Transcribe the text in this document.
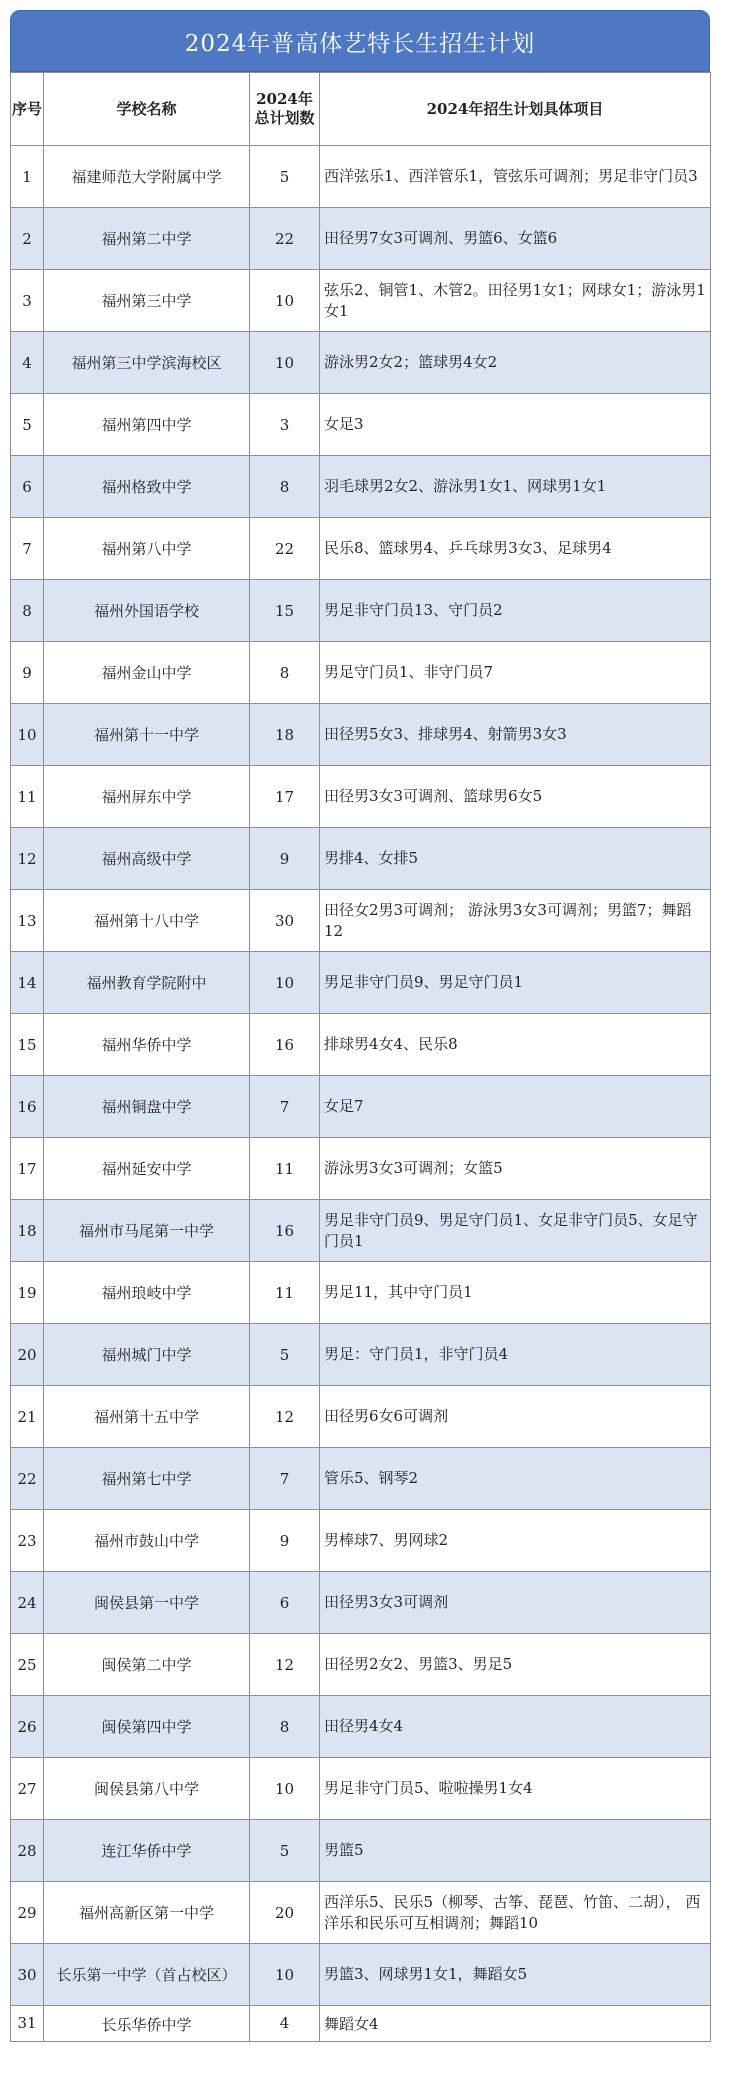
2024年普高体艺特长生招生计划
序号	学校名称	2024年总计划数	2024年招生计划具体项目
1	福建师范大学附属中学	5	西洋弦乐1、西洋管乐1，管弦乐可调剂；男足非守门员3
2	福州第二中学	22	田径男7女3可调剂、男篮6、女篮6
3	福州第三中学	10	弦乐2、铜管1、木管2。田径男1女1；网球女1；游泳男1女1
4	福州第三中学滨海校区	10	游泳男2女2；篮球男4女2
5	福州第四中学	3	女足3
6	福州格致中学	8	羽毛球男2女2、游泳男1女1、网球男1女1
7	福州第八中学	22	民乐8、篮球男4、乒乓球男3女3、足球男4
8	福州外国语学校	15	男足非守门员13、守门员2
9	福州金山中学	8	男足守门员1、非守门员7
10	福州第十一中学	18	田径男5女3、排球男4、射箭男3女3
11	福州屏东中学	17	田径男3女3可调剂、篮球男6女5
12	福州高级中学	9	男排4、女排5
13	福州第十八中学	30	田径女2男3可调剂； 游泳男3女3可调剂；男篮7；舞蹈12
14	福州教育学院附中	10	男足非守门员9、男足守门员1
15	福州华侨中学	16	排球男4女4、民乐8
16	福州铜盘中学	7	女足7
17	福州延安中学	11	游泳男3女3可调剂；女篮5
18	福州市马尾第一中学	16	男足非守门员9、男足守门员1、女足非守门员5、女足守门员1
19	福州琅岐中学	11	男足11，其中守门员1
20	福州城门中学	5	男足：守门员1，非守门员4
21	福州第十五中学	12	田径男6女6可调剂
22	福州第七中学	7	管乐5、钢琴2
23	福州市鼓山中学	9	男棒球7、男网球2
24	闽侯县第一中学	6	田径男3女3可调剂
25	闽侯第二中学	12	田径男2女2、男篮3、男足5
26	闽侯第四中学	8	田径男4女4
27	闽侯县第八中学	10	男足非守门员5、啦啦操男1女4
28	连江华侨中学	5	男篮5
29	福州高新区第一中学	20	西洋乐5、民乐5（柳琴、古筝、琵琶、竹笛、二胡）， 西洋乐和民乐可互相调剂；舞蹈10
30	长乐第一中学（首占校区）	10	男篮3、网球男1女1，舞蹈女5
31	长乐华侨中学	4	舞蹈女4
